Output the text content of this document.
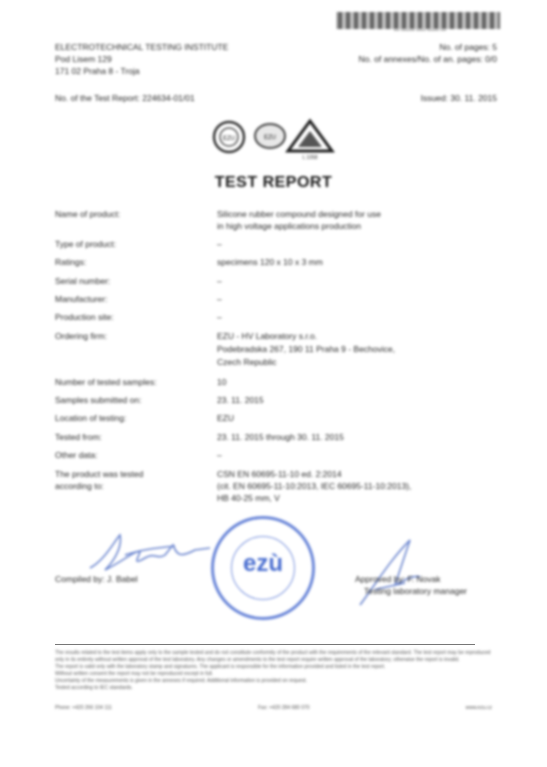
*** ******* ***** ****** ***
ELECTROTECHNICAL TESTING INSTITUTE
Pod Lisem 129
171 02 Praha 8 - Troja
No. of pages: 5
No. of annexes/No. of an. pages: 0/0
No. of the Test Report: 224634-01/01	Issued: 30. 11. 2015
EZU	EZU
L 1058
TEST REPORT
Name of product:	Silicone rubber compound designed for use
in high voltage applications production
Type of product:	–
Ratings:	specimens 120 x 10 x 3 mm
Serial number:	–
Manufacturer:	–
Production site:	–
Ordering firm:	EZU - HV Laboratory s.r.o.
Podebradska 267, 190 11 Praha 9 - Bechovice,
Czech Republic
Number of tested samples:	10
Samples submitted on:	23. 11. 2015
Location of testing:	EZU
Tested from:	23. 11. 2015 through 30. 11. 2015
Other data:	–
The product was tested
according to:
CSN EN 60695-11-10 ed. 2:2014
(cit. EN 60695-11-10:2013, IEC 60695-11-10:2013),
HB 40-25 mm, V
Compiled by: J. Babel
ezù
Approved by: F. Novak
Testing laboratory manager
The results related to the test items apply only to the sample tested and do not constitute conformity of the product with the requirements of the relevant standard. The test report may be reproduced
only in its entirety without written approval of the test laboratory. Any changes or amendments to the test report require written approval of the laboratory; otherwise the report is invalid.
The report is valid only with the laboratory stamp and signatures. The applicant is responsible for the information provided and listed in the test report.
Without written consent the report may not be reproduced except in full.
Uncertainty of the measurements is given in the annexes if required. Additional information is provided on request.
Tested according to IEC standards.
Phone: +420 266 104 111	Fax: +420 284 680 070	www.ezu.cz
